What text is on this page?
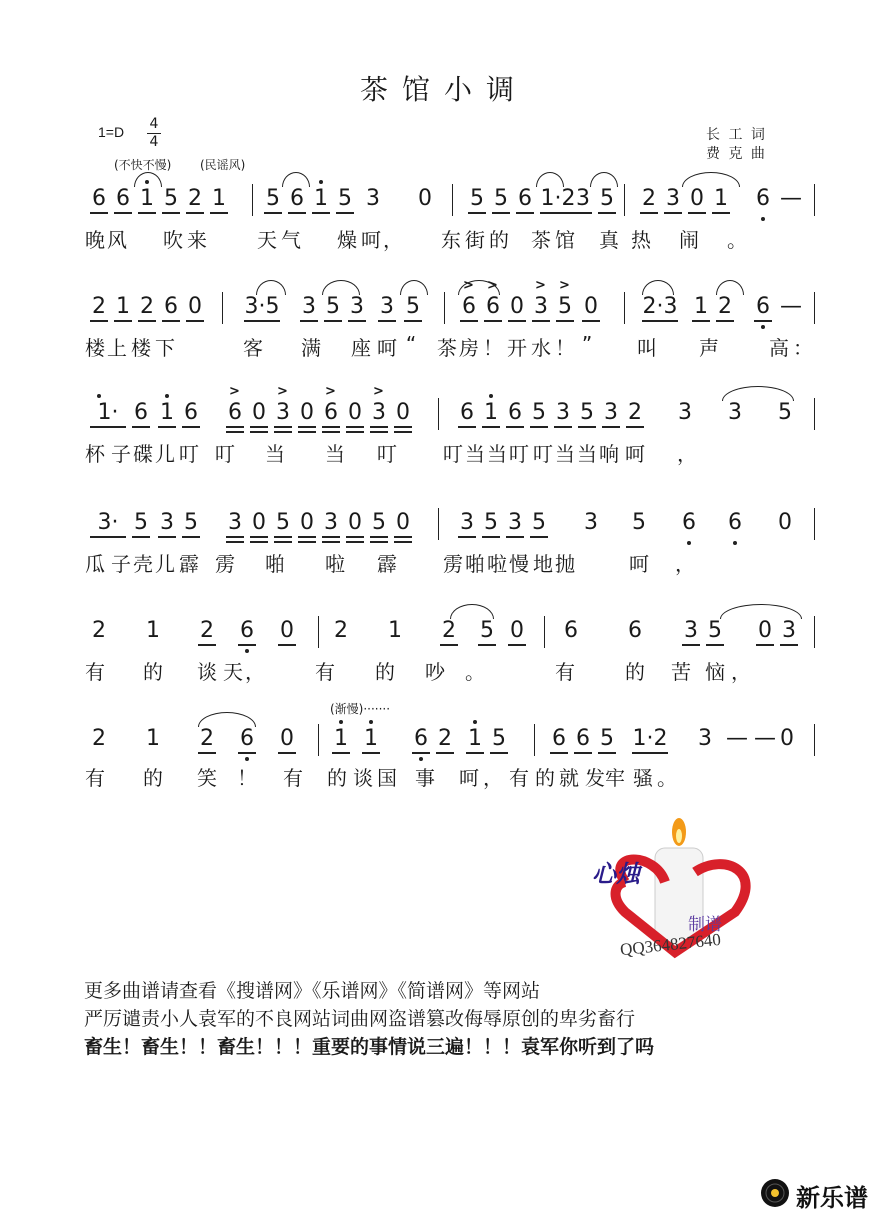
茶馆小调
1=D 4
4	长 工 词
费 克 曲
(不快不慢) (民谣风)
6 6 1 5 2 1 5 6 1 5 3 0 5 5 6 1·2 3 5 2 3 0 1 6 —
2 1 2 6 0 3·5 3 5 3 3 5 6
>
6
>
0 3
>
5
>
0 2·3 1 2 6 —
1· 6 1 6 6
>
0 3
>
0 6
>
0 3
>
0 6 1 6 5 3 5 3 2 3 3 5
3· 5 3 5 3 0 5 0 3 0 5 0 3 5 3 5 3 5 6 6 0
2 1 2 6 0 2 1 2 5 0 6 6 3 5 0 3
2 1 2 6 0 1 1 6 2 1 5 6 6 5 1·2 3 — — 0
晚 风 吹 来	天 气 燥 呵 ， 东 街 的 茶 馆 真 热 闹 。
楼 上 楼 下	客 满 座 呵 “ 茶 房 ！ 开 水 ！ ” 叫 声	高 ：
杯 子 碟 儿 叮 叮 当 当 叮 叮 当 当 叮 叮 当 当 响 呵 ，
瓜 子 壳 儿 霹 雳 啪 啦 霹 雳 啪 啦 慢 地 抛	呵 ，
有 的 谈 天 ，	有 的 吵 。	有	的 苦 恼 ，
有 的 笑 ！ 有 的 谈 国 事 呵 ， 有 的 就 发 牢 骚 。
(渐慢)·······
心烛
制谱
QQ364827640
更多曲谱请查看《搜谱网》《乐谱网》《简谱网》等网站
严厉谴责小人袁军的不良网站词曲网盗谱篡改侮辱原创的卑劣畜行
畜生！畜生！！畜生！！！重要的事情说三遍！！！袁军你听到了吗
新乐谱
